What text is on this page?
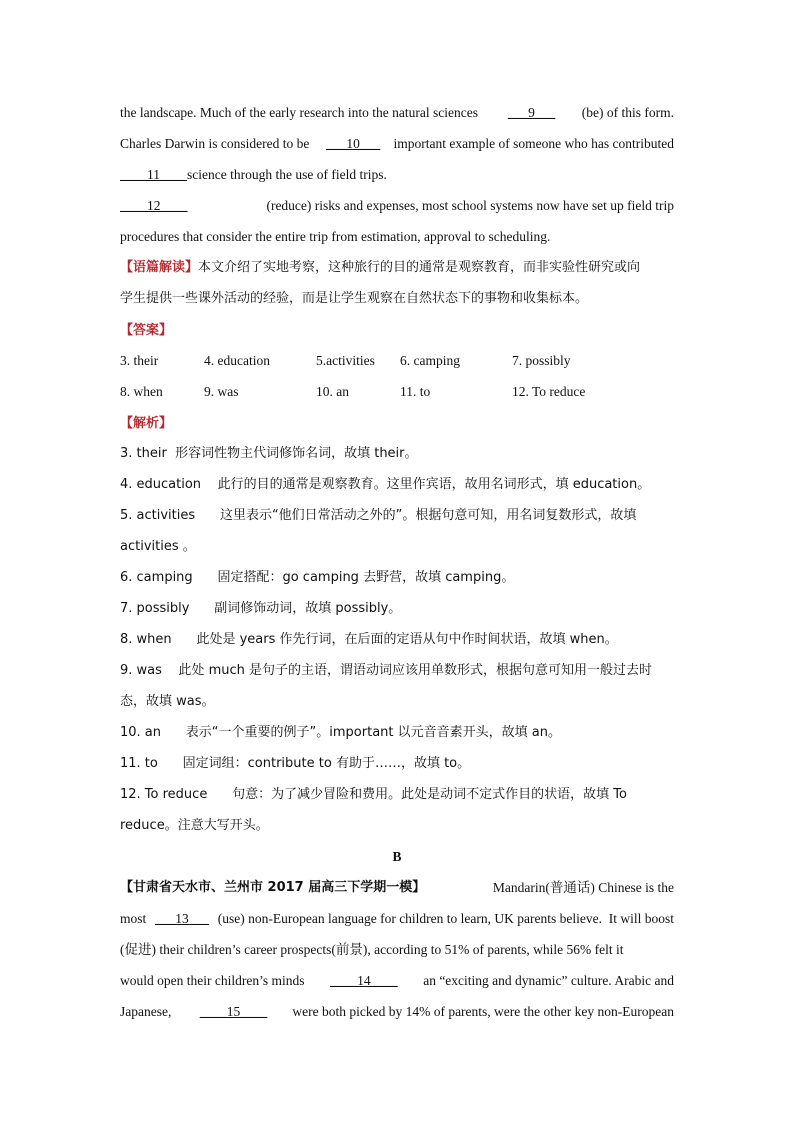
the landscape. Much of the early research into the natural sciences ___9___ (be) of this form.
Charles Darwin is considered to be ___10___ important example of someone who has contributed
____11____science through the use of field trips.
____12____	(reduce) risks and expenses, most school systems now have set up field trip
procedures that consider the entire trip from estimation, approval to scheduling.
【语篇解读】本文介绍了实地考察，这种旅行的目的通常是观察教育，而非实验性研究或向
学生提供一些课外活动的经验，而是让学生观察在自然状态下的事物和收集标本。
【答案】
3. their	4. education	5.activities 6. camping	7. possibly
8. when	9. was	10. an	11. to	12. To reduce
【解析】
3. their  形容词性物主代词修饰名词，故填 their。
4. education    此行的目的通常是观察教育。这里作宾语，故用名词形式，填 education。
5. activities      这里表示“他们日常活动之外的”。根据句意可知，用名词复数形式，故填
activities 。
6. camping      固定搭配：go camping 去野营，故填 camping。
7. possibly      副词修饰动词，故填 possibly。
8. when      此处是 years 作先行词，在后面的定语从句中作时间状语，故填 when。
9. was    此处 much 是句子的主语，谓语动词应该用单数形式，根据句意可知用一般过去时
态，故填 was。
10. an      表示“一个重要的例子”。important 以元音音素开头，故填 an。
11. to      固定词组：contribute to 有助于……，故填 to。
12. To reduce      句意：为了减少冒险和费用。此处是动词不定式作目的状语，故填 To
reduce。注意大写开头。
B
【甘肃省天水市、兰州市 2017 届高三下学期一模】	Mandarin(普通话) Chinese is the
most ___13___ (use) non-European language for children to learn, UK parents believe.  It will boost
(促进) their children’s career prospects(前景), according to 51% of parents, while 56% felt it
would open their children’s minds ____14____ an “exciting and dynamic” culture. Arabic and
Japanese, ____15____ were both picked by 14% of parents, were the other key non-European
